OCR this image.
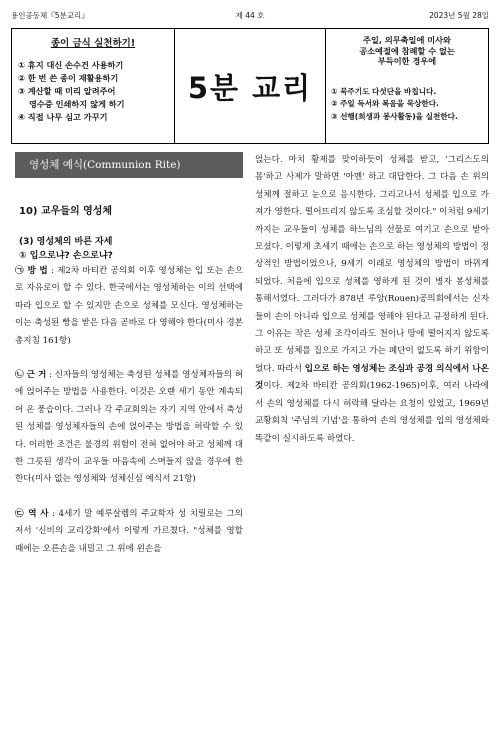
용인공동체『5분교리』	제 44 호	2023년 5월 28일
종이 금식 실천하기!
① 휴지 대신 손수건 사용하기
② 한 번 쓴 종이 재활용하기
③ 계산할 때 미리 알려주어
영수증 인쇄하지 않게 하기
④ 직접 나무 심고 가꾸기
5분 교리
주일, 의무축일에 미사와
공소예절에 참례할 수 없는
부득이한 경우에
① 묵주기도 다섯단을 바칩니다.
② 주일 독서와 복음을 묵상한다.
③ 선행(희생과 봉사활동)을 실천한다.
영성체 예식(Communion Rite)
10) 교우들의 영성체
(3) 영성체의 바른 자세
① 입으로냐? 손으로냐?

㉠ 방 법 : 제2차 바티칸 공의회 이후 영성체는 입 또는 손으로 자유로이 할 수 있다. 한국에서는 영성체하는 이의 선택에 따라 입으로 할 수 있지만 손으로 성체를 모신다. 영성체하는 이는 축성된 빵을 받은 다음 곧바로 다 영해야 한다(미사 경본 총지침 161항)

㉡ 근 거 : 신자들의 영성체는 축성된 성체를 영성체자들의 혀에 얹어주는 방법을 사용한다. 이것은 오랜 세기 동안 계속되어 온 풍습이다. 그러나 각 주교회의는 자기 지역 안에서 축성된 성체를 영성체자들의 손에 얹어주는 방법을 허락할 수 있다. 이러한 조건은 불경의 위험이 전혀 없어야 하고 성체께 대한 그릇된 생각이 교우들 마음속에 스며들지 않을 경우에 한한다(미사 없는 영성체와 성체신심 예식서 21항)

㉢ 역 사 : 4세기 말 예루살렘의 주교학자 성 치릴로는 그의 저서 '신비의 교리강화'에서 이렇게 가르쳤다. "성체를 영할 때에는 오른손을 내밀고 그 위에 왼손을

얹는다. 마치 황제를 맞이하듯이 성체를 받고, '그리스도의 몸'하고 사제가 말하면 '아멘' 하고 대답한다. 그 다음 손 위의 성체께 절하고 눈으로 응시한다. 그리고나서 성체를 입으로 가져가 영한다. 떨어뜨리지 않도록 조심할 것이다." 이처럼 9세기까지는 교우들이 성체를 하느님의 선물로 여기고 손으로 받아 모셨다. 이렇게 초세기 때에는 손으로 하는 영성체의 방법이 정상적인 방법이었으나, 9세기 이래로 영성체의 방법이 바뀌게 되었다. 처음에 입으로 성체를 영하게 된 것이 병자 봉성체를 통해서였다. 그러다가 878년 루앙(Rouen)공의회에서는 신자들이 손이 아니라 입으로 성체를 영해야 된다고 규정하게 된다. 그 이유는 작은 성체 조각이라도 천이나 땅에 떨어지지 않도록 하고 또 성체를 집으로 가지고 가는 폐단이 없도록 하기 위함이었다. 따라서 입으로 하는 영성체는 조심과 공경 의식에서 나온 것이다. 제2차 바티칸 공의회(1962-1965)이후, 여러 나라에서 손의 영성체를 다시 허락해 달라는 요청이 있었고, 1969년 교황회칙 '주님의 기념'을 통하여 손의 영성체를 입의 영성체와 똑같이 실시하도록 하였다.
